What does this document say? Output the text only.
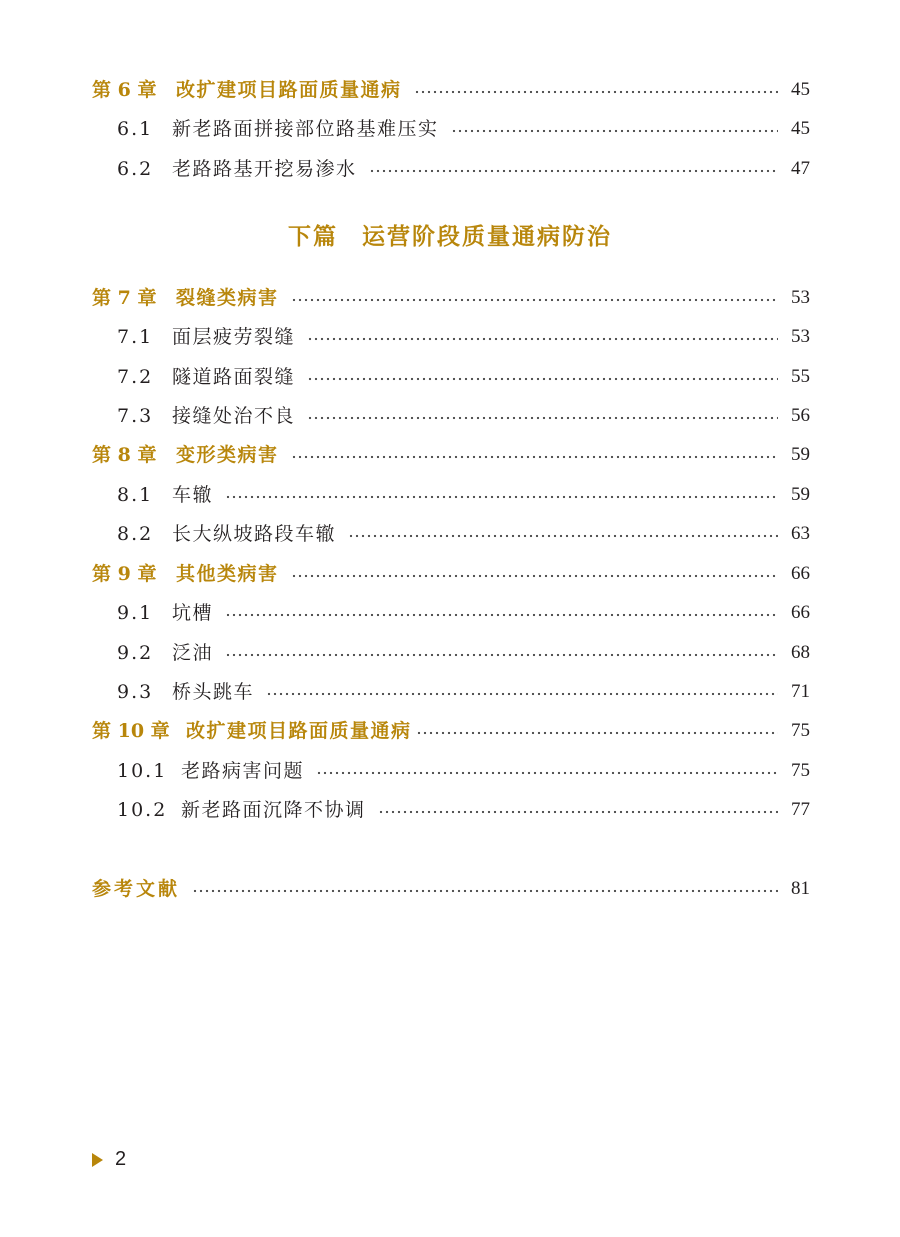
第 6 章	改扩建项目路面质量通病	45
6.1 新老路面拼接部位路基难压实	45
6.2 老路路基开挖易渗水	47
下篇 运营阶段质量通病防治
第 7 章	裂缝类病害	53
7.1 面层疲劳裂缝	53
7.2 隧道路面裂缝	55
7.3 接缝处治不良	56
第 8 章	变形类病害	59
8.1 车辙	59
8.2 长大纵坡路段车辙	63
第 9 章	其他类病害	66
9.1 坑槽	66
9.2 泛油	68
9.3 桥头跳车	71
第 10 章 改扩建项目路面质量通病	75
10.1 老路病害问题	75
10.2 新老路面沉降不协调	77
参考文献	81
2
